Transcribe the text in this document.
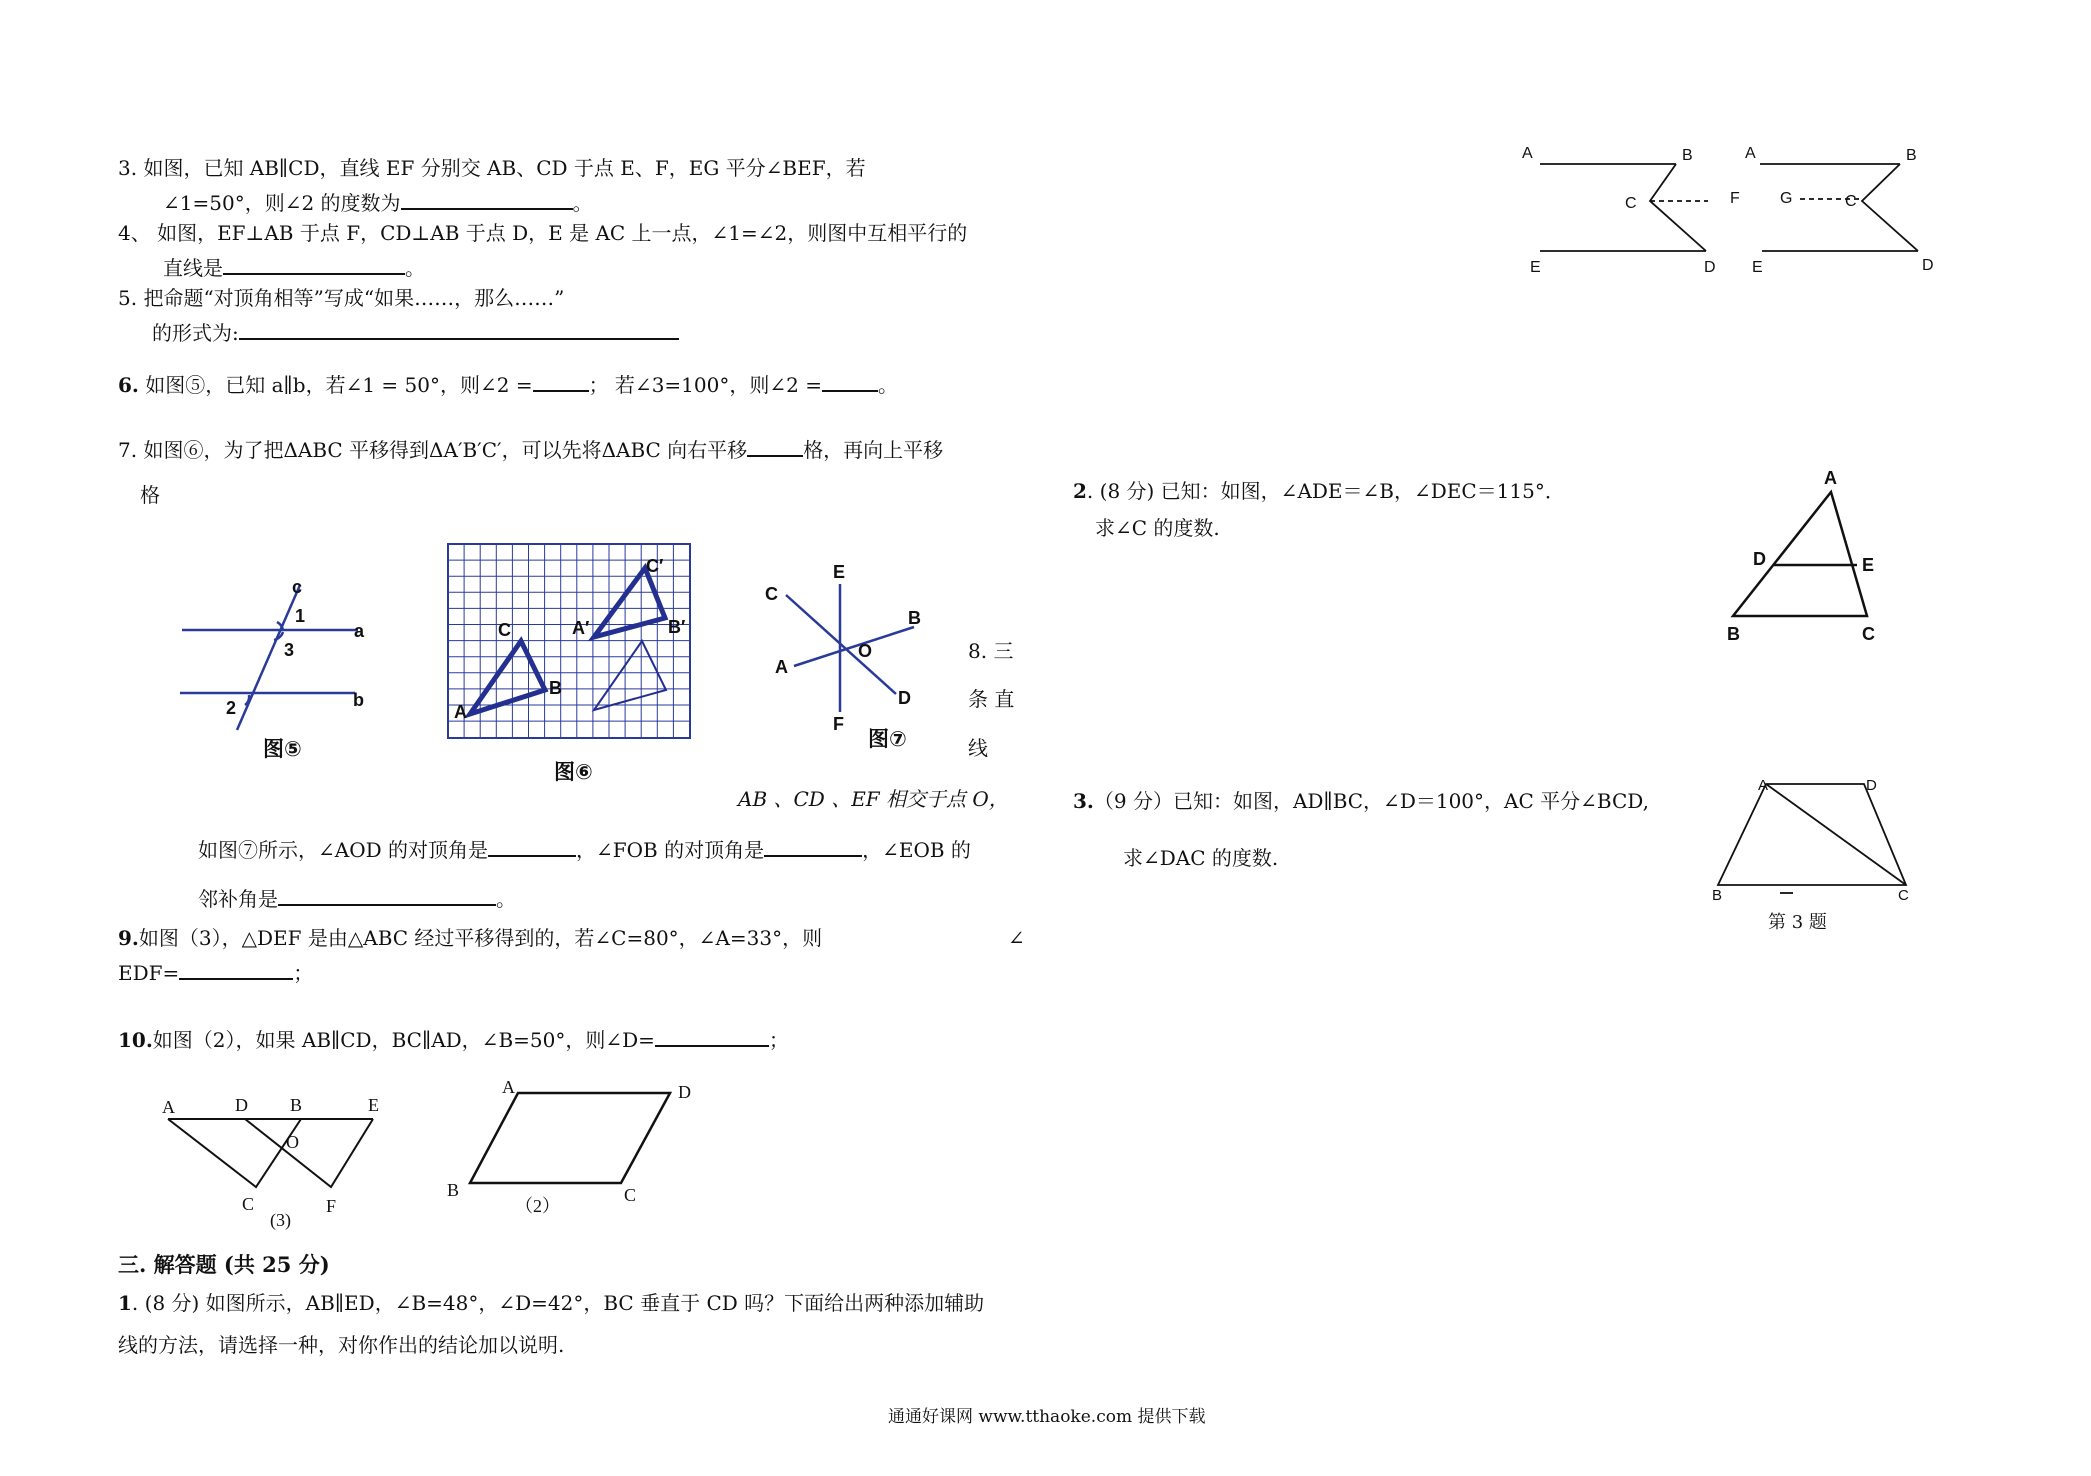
3. 如图，已知 AB∥CD，直线 EF 分别交 AB、CD 于点 E、F，EG 平分∠BEF，若
∠1=50°，则∠2 的度数为	。
4、 如图，EF⊥AB 于点 F，CD⊥AB 于点 D，E 是 AC 上一点，∠1=∠2，则图中互相平行的
直线是	。
5. 把命题“对顶角相等”写成“如果……，那么……”
的形式为:
6. 如图⑤，已知 a∥b，若∠1 = 50°，则∠2 =	； 若∠3=100°，则∠2 =	。
7. 如图⑥，为了把ΔABC 平移得到ΔA′B′C′，可以先将ΔABC 向右平移	格，再向上平移
格
8. 三
条 直
线
AB 、CD 、EF 相交于点 O，
如图⑦所示，∠AOD 的对顶角是	，∠FOB 的对顶角是	，∠EOB 的
邻补角是	。
9.如图（3），△DEF 是由△ABC 经过平移得到的，若∠C=80°，∠A=33°，则	∠
EDF=	；
10.如图（2），如果 AB∥CD，BC∥AD，∠B=50°，则∠D=	；
三. 解答题 (共 25 分)
1. (8 分) 如图所示，AB∥ED，∠B=48°，∠D=42°，BC 垂直于 CD 吗？下面给出两种添加辅助
线的方法，请选择一种，对你作出的结论加以说明.
2. (8 分) 已知：如图，∠ADE＝∠B，∠DEC＝115°．
求∠C 的度数.
3.（9 分）已知：如图，AD∥BC，∠D＝100°，AC 平分∠BCD,
求∠DAC 的度数.
通通好课网 www.tthaoke.com 提供下载
c
1
3
a
b
2
图⑤
C
A
B
C′
A′	B′
图⑥
C
E
B
A
O
D
F
图⑦
A	D B	E
O
C	F
(3)
A	D
B	C
（2）
A	B
C	F
E	D
A	B
G	C
E	D
A
D	E
B	C
A	D
B	C
第 3 题
